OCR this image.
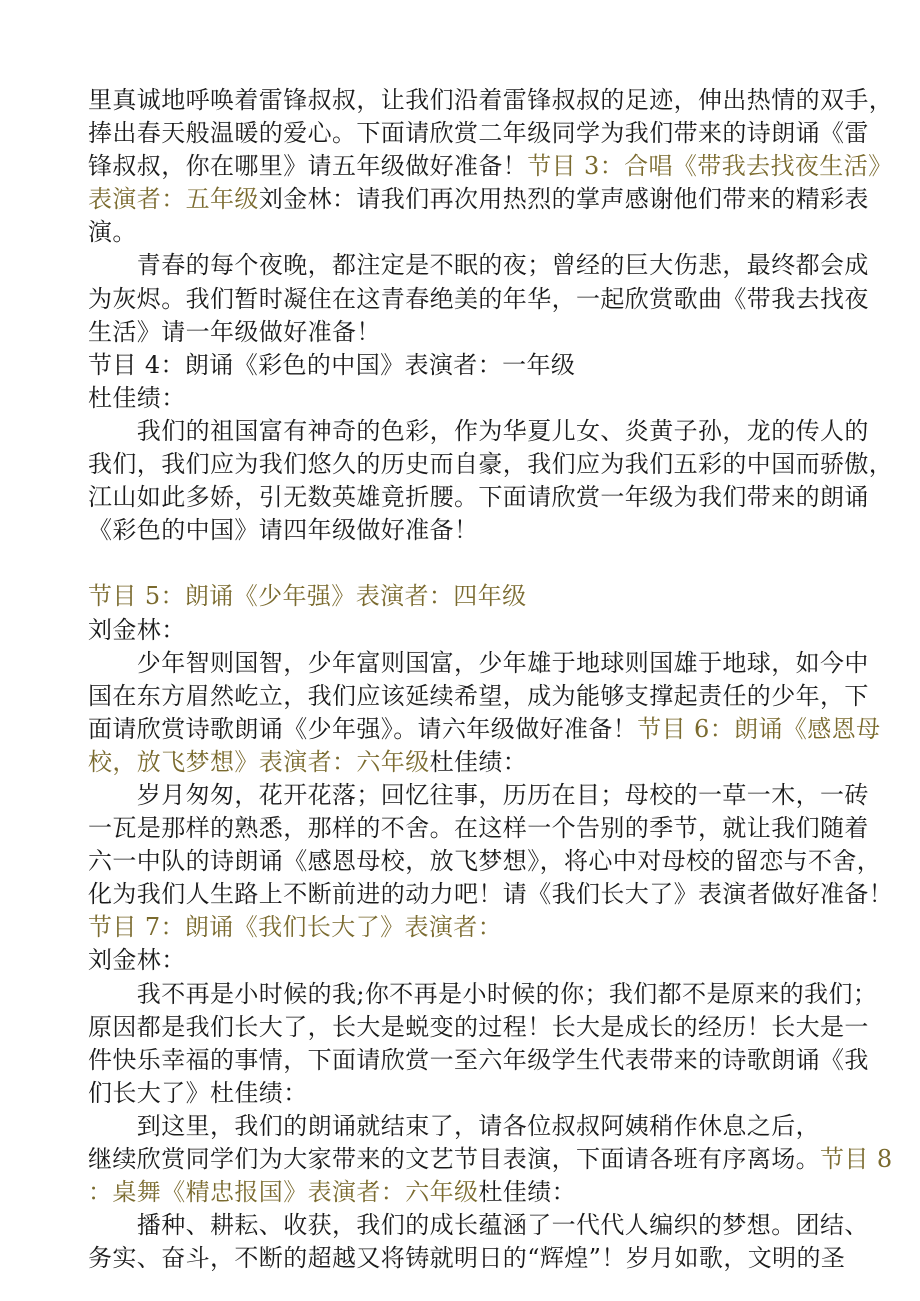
里真诚地呼唤着雷锋叔叔，让我们沿着雷锋叔叔的足迹，伸出热情的双手，
捧出春天般温暖的爱心。下面请欣赏二年级同学为我们带来的诗朗诵《雷
锋叔叔，你在哪里》请五年级做好准备！节目 3：合唱《带我去找夜生活》
表演者：五年级刘金林：请我们再次用热烈的掌声感谢他们带来的精彩表
演。
　　青春的每个夜晚，都注定是不眠的夜；曾经的巨大伤悲，最终都会成
为灰烬。我们暂时凝住在这青春绝美的年华，一起欣赏歌曲《带我去找夜
生活》请一年级做好准备！
节目 4：朗诵《彩色的中国》表演者：一年级
杜佳绩：
　　我们的祖国富有神奇的色彩，作为华夏儿女、炎黄子孙，龙的传人的
我们，我们应为我们悠久的历史而自豪，我们应为我们五彩的中国而骄傲，
江山如此多娇，引无数英雄竟折腰。下面请欣赏一年级为我们带来的朗诵
《彩色的中国》请四年级做好准备！
节目 5：朗诵《少年强》表演者：四年级
刘金林：
　　少年智则国智，少年富则国富，少年雄于地球则国雄于地球，如今中
国在东方眉然屹立，我们应该延续希望，成为能够支撑起责任的少年，下
面请欣赏诗歌朗诵《少年强》。请六年级做好准备！节目 6：朗诵《感恩母
校，放飞梦想》表演者：六年级杜佳绩：
　　岁月匆匆，花开花落；回忆往事，历历在目；母校的一草一木，一砖
一瓦是那样的熟悉，那样的不舍。在这样一个告别的季节，就让我们随着
六一中队的诗朗诵《感恩母校，放飞梦想》，将心中对母校的留恋与不舍，
化为我们人生路上不断前进的动力吧！请《我们长大了》表演者做好准备！
节目 7：朗诵《我们长大了》表演者：
刘金林：
　　我不再是小时候的我;你不再是小时候的你；我们都不是原来的我们；
原因都是我们长大了，长大是蜕变的过程！长大是成长的经历！长大是一
件快乐幸福的事情，下面请欣赏一至六年级学生代表带来的诗歌朗诵《我
们长大了》杜佳绩：
　　到这里，我们的朗诵就结束了，请各位叔叔阿姨稍作休息之后，
继续欣赏同学们为大家带来的文艺节目表演，下面请各班有序离场。节目 8
：桌舞《精忠报国》表演者：六年级杜佳绩：
　　播种、耕耘、收获，我们的成长蕴涵了一代代人编织的梦想。团结、
务实、奋斗，不断的超越又将铸就明日的“辉煌”！岁月如歌，文明的圣
